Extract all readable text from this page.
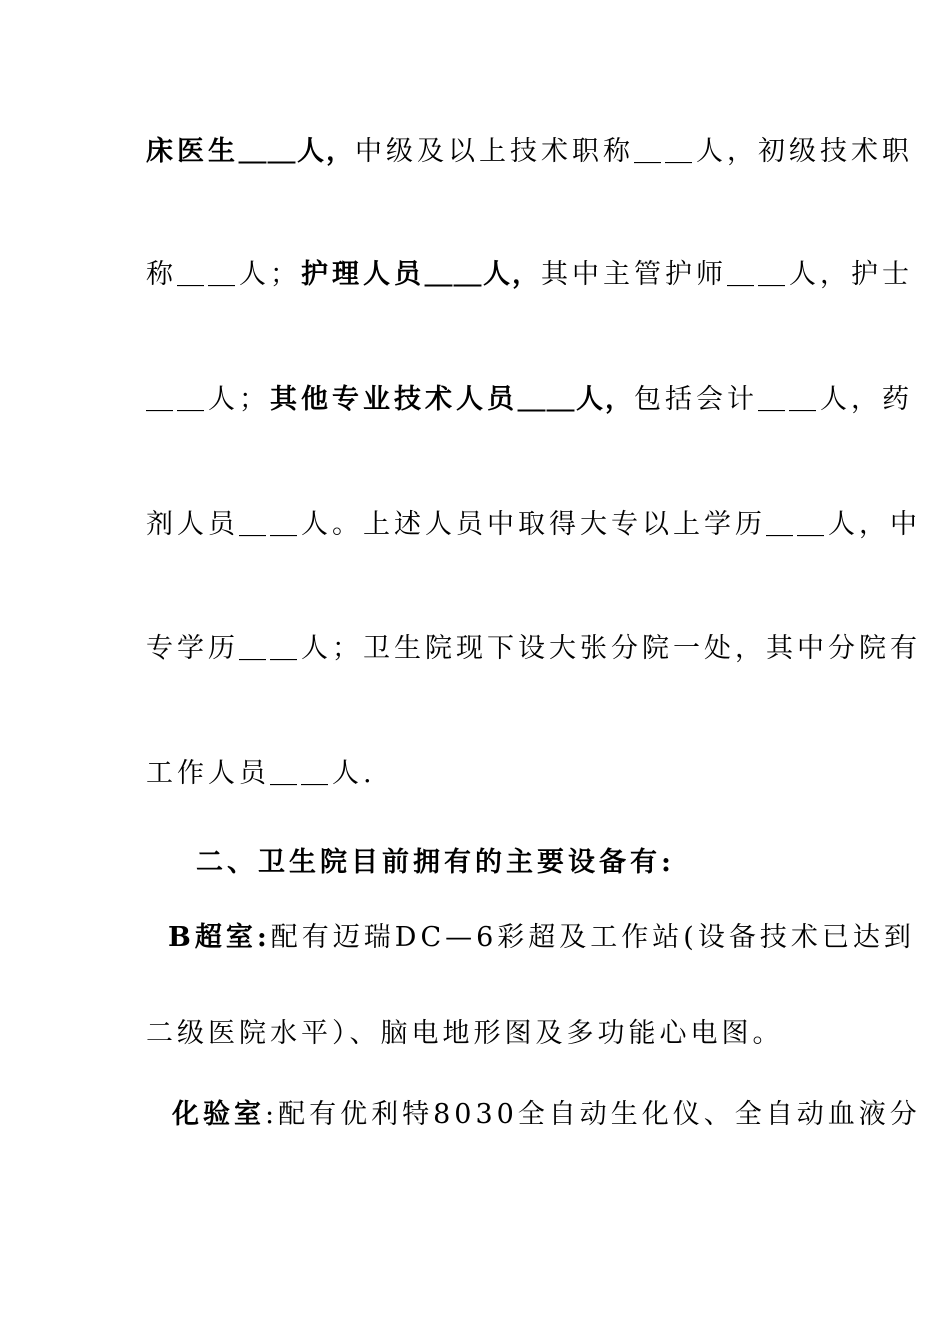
床医生＿＿人，中级及以上技术职称＿＿人，初级技术职
称＿＿人；护理人员＿＿人，其中主管护师＿＿人，护士
＿＿人；其他专业技术人员＿＿人，包括会计＿＿人，药
剂人员＿＿人。上述人员中取得大专以上学历＿＿人，中
专学历＿＿人；卫生院现下设大张分院一处，其中分院有
工作人员＿＿人.
二、卫生院目前拥有的主要设备有:
B超室:配有迈瑞DC—6彩超及工作站(设备技术已达到
二级医院水平）、脑电地形图及多功能心电图。
化验室:配有优利特8030全自动生化仪、全自动血液分
